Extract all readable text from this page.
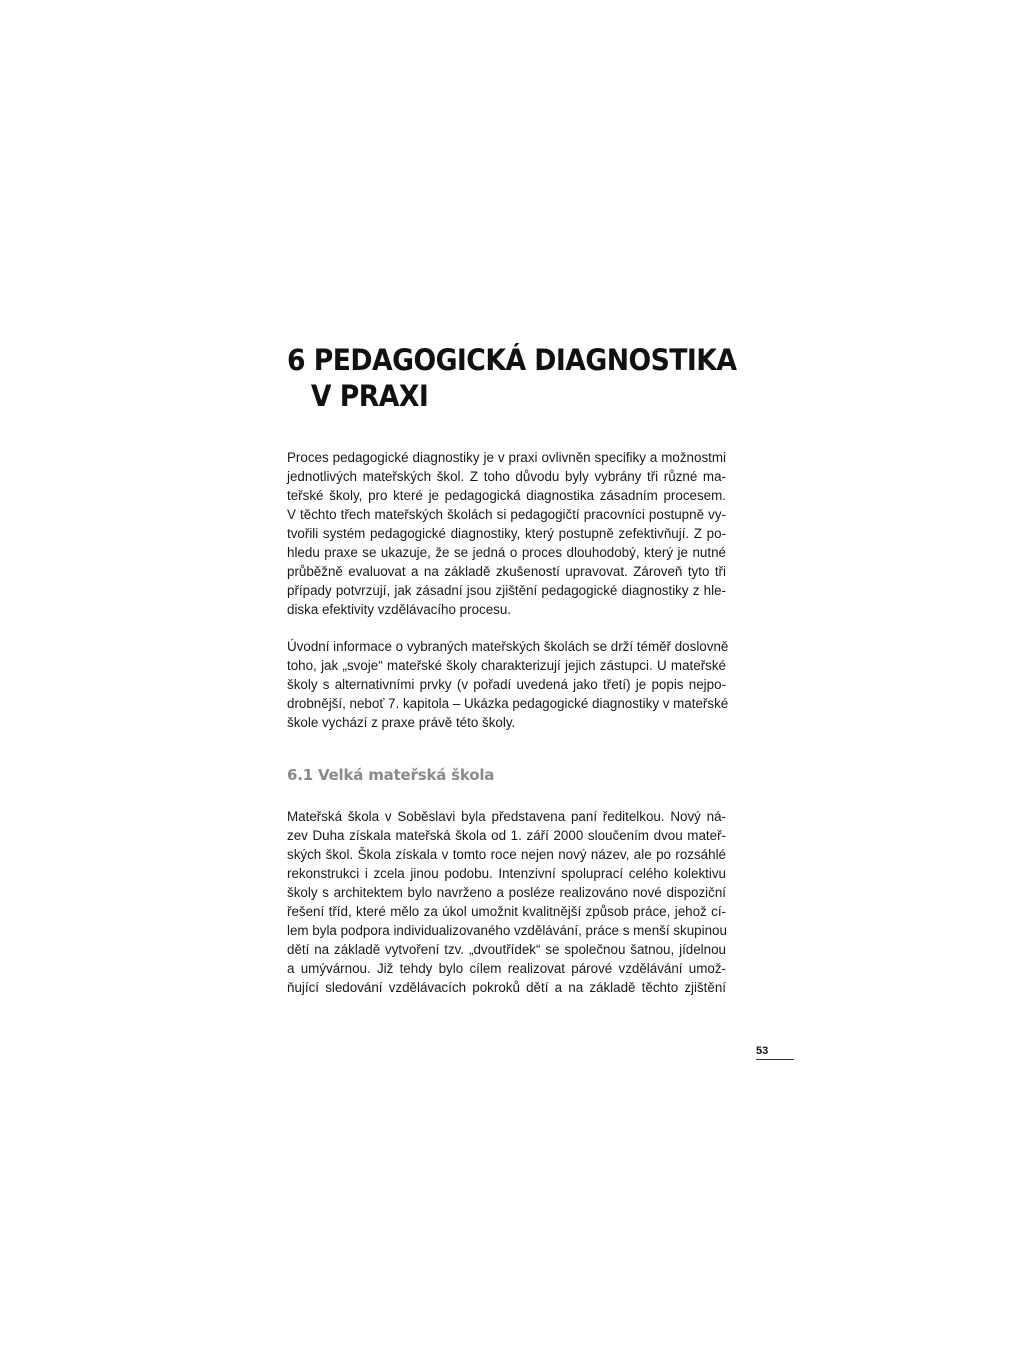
6 PEDAGOGICKÁ DIAGNOSTIKA
V PRAXI
Proces pedagogické diagnostiky je v praxi ovlivněn specifiky a možnostmi
jednotlivých mateřských škol. Z toho důvodu byly vybrány tři různé ma-
teřské školy, pro které je pedagogická diagnostika zásadním procesem.
V těchto třech mateřských školách si pedagogičtí pracovníci postupně vy-
tvořili systém pedagogické diagnostiky, který postupně zefektivňují. Z po-
hledu praxe se ukazuje, že se jedná o proces dlouhodobý, který je nutné
průběžně evaluovat a na základě zkušeností upravovat. Zároveň tyto tři
případy potvrzují, jak zásadní jsou zjištění pedagogické diagnostiky z hle-
diska efektivity vzdělávacího procesu.
Úvodní informace o vybraných mateřských školách se drží téměř doslovně
toho, jak „svoje“ mateřské školy charakterizují jejich zástupci. U mateřské
školy s alternativními prvky (v pořadí uvedená jako třetí) je popis nejpo-
drobnější, neboť 7. kapitola – Ukázka pedagogické diagnostiky v mateřské
škole vychází z praxe právě této školy.
6.1 Velká mateřská škola
Mateřská škola v Soběslavi byla představena paní ředitelkou. Nový ná-
zev Duha získala mateřská škola od 1. září 2000 sloučením dvou mateř-
ských škol. Škola získala v tomto roce nejen nový název, ale po rozsáhlé
rekonstrukci i zcela jinou podobu. Intenzivní spoluprací celého kolektivu
školy s architektem bylo navrženo a posléze realizováno nové dispoziční
řešení tříd, které mělo za úkol umožnit kvalitnější způsob práce, jehož cí-
lem byla podpora individualizovaného vzdělávání, práce s menší skupinou
dětí na základě vytvoření tzv. „dvoutřídek“ se společnou šatnou, jídelnou
a umývárnou. Již tehdy bylo cílem realizovat párové vzdělávání umož-
ňující sledování vzdělávacích pokroků dětí a na základě těchto zjištění
53
